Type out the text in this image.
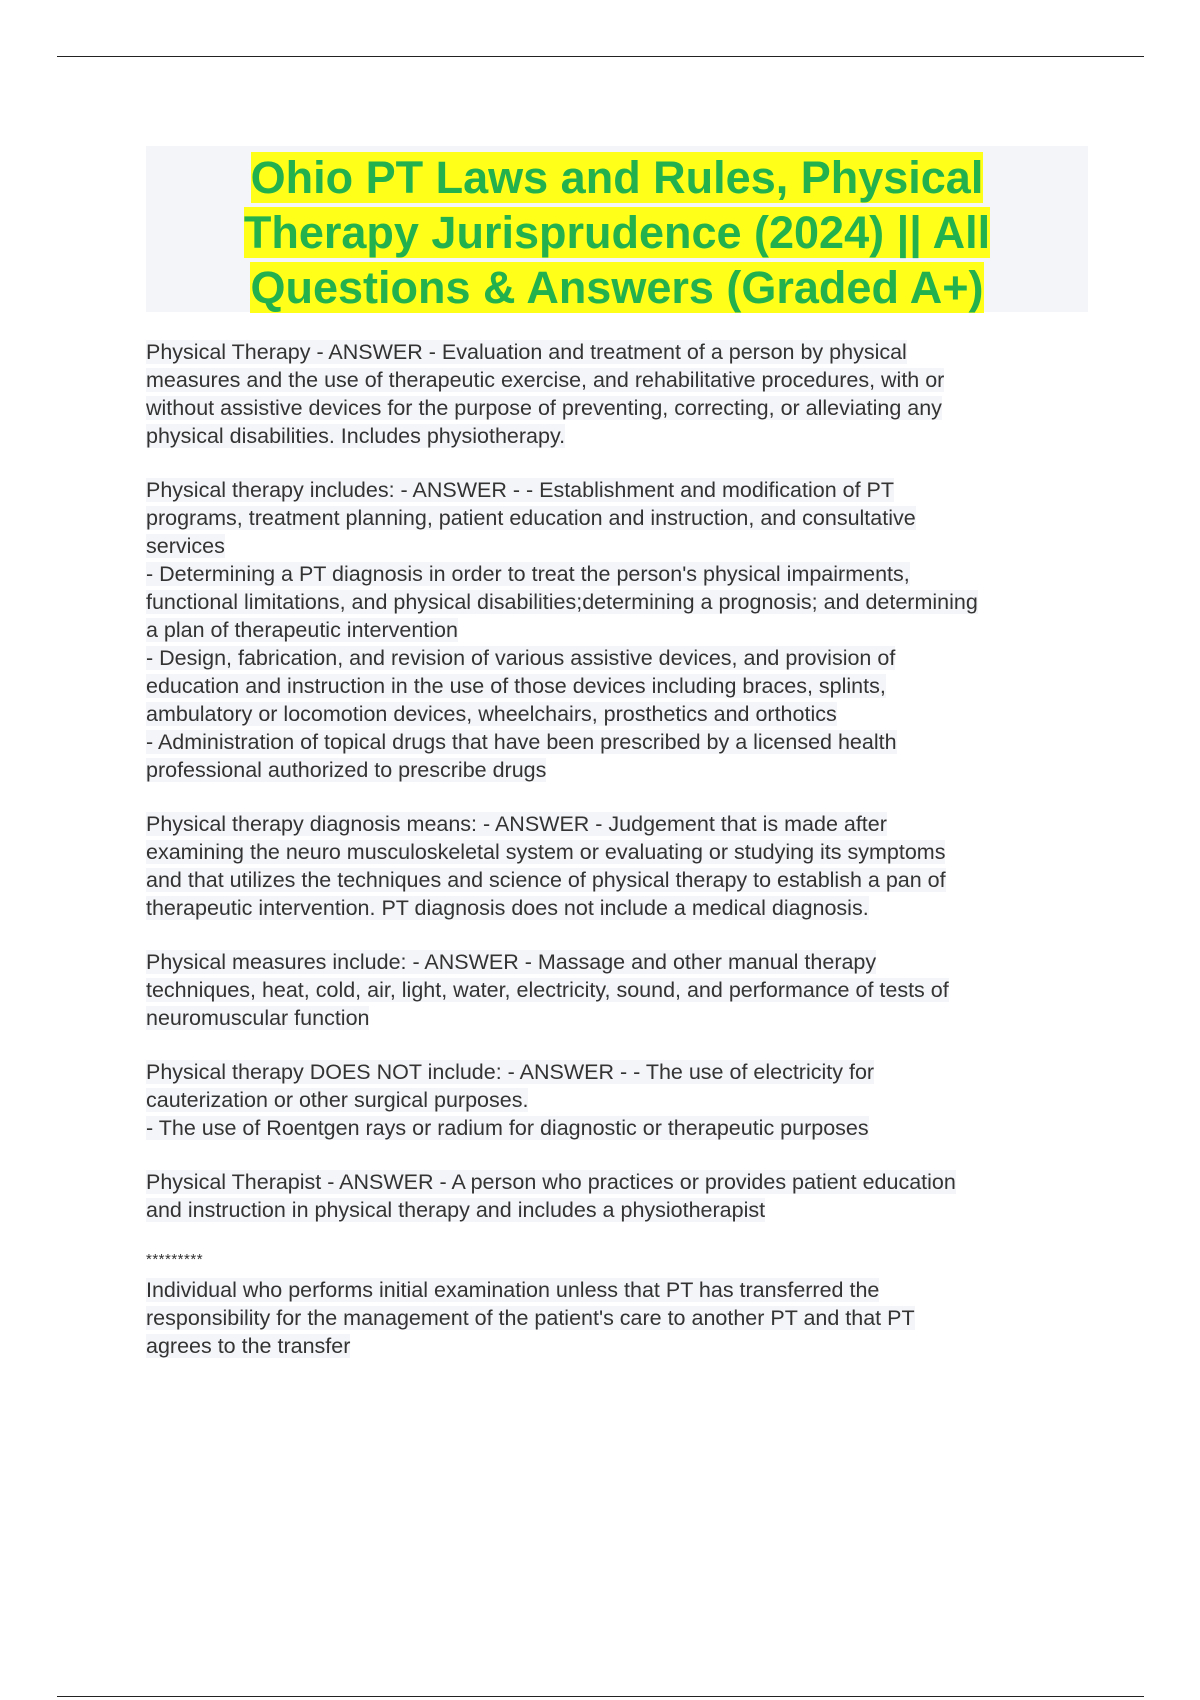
Ohio PT Laws and Rules, Physical
Therapy Jurisprudence (2024) || All
Questions & Answers (Graded A+)

Physical Therapy - ANSWER - Evaluation and treatment of a person by physical
measures and the use of therapeutic exercise, and rehabilitative procedures, with or
without assistive devices for the purpose of preventing, correcting, or alleviating any
physical disabilities. Includes physiotherapy.

Physical therapy includes: - ANSWER - - Establishment and modification of PT
programs, treatment planning, patient education and instruction, and consultative
services
- Determining a PT diagnosis in order to treat the person's physical impairments,
functional limitations, and physical disabilities;determining a prognosis; and determining
a plan of therapeutic intervention
- Design, fabrication, and revision of various assistive devices, and provision of
education and instruction in the use of those devices including braces, splints,
ambulatory or locomotion devices, wheelchairs, prosthetics and orthotics
- Administration of topical drugs that have been prescribed by a licensed health
professional authorized to prescribe drugs

Physical therapy diagnosis means: - ANSWER - Judgement that is made after
examining the neuro musculoskeletal system or evaluating or studying its symptoms
and that utilizes the techniques and science of physical therapy to establish a pan of
therapeutic intervention. PT diagnosis does not include a medical diagnosis.

Physical measures include: - ANSWER - Massage and other manual therapy
techniques, heat, cold, air, light, water, electricity, sound, and performance of tests of
neuromuscular function

Physical therapy DOES NOT include: - ANSWER - - The use of electricity for
cauterization or other surgical purposes.
- The use of Roentgen rays or radium for diagnostic or therapeutic purposes

Physical Therapist - ANSWER - A person who practices or provides patient education
and instruction in physical therapy and includes a physiotherapist

*********
Individual who performs initial examination unless that PT has transferred the
responsibility for the management of the patient's care to another PT and that PT
agrees to the transfer
